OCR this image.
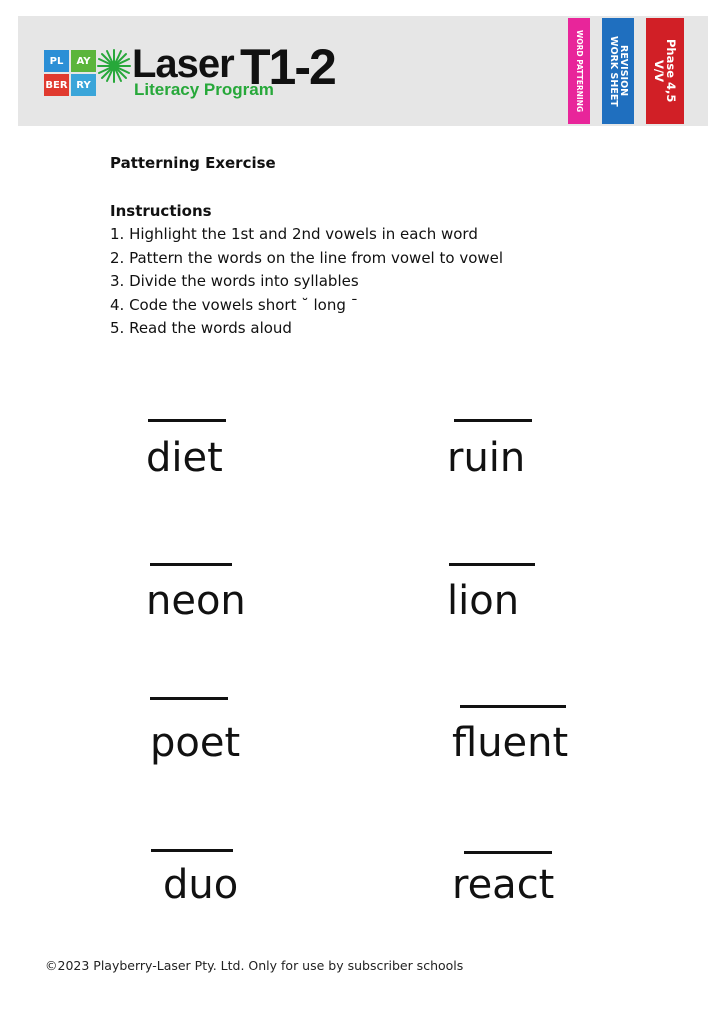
PL	AY
BER RY Laser T1-2
Literacy Program	WORD PATTERNING	REVISION
WORK SHEET
Phase 4,5
V/V

Patterning Exercise

Instructions

1. Highlight the 1st and 2nd vowels in each word
2. Pattern the words on the line from vowel to vowel
3. Divide the words into syllables
4. Code the vowels short ˘ long ¯
5. Read the words aloud
diet	ruin
neon	lion
poet	fluent
duo	react
©2023 Playberry-Laser Pty. Ltd. Only for use by subscriber schools
